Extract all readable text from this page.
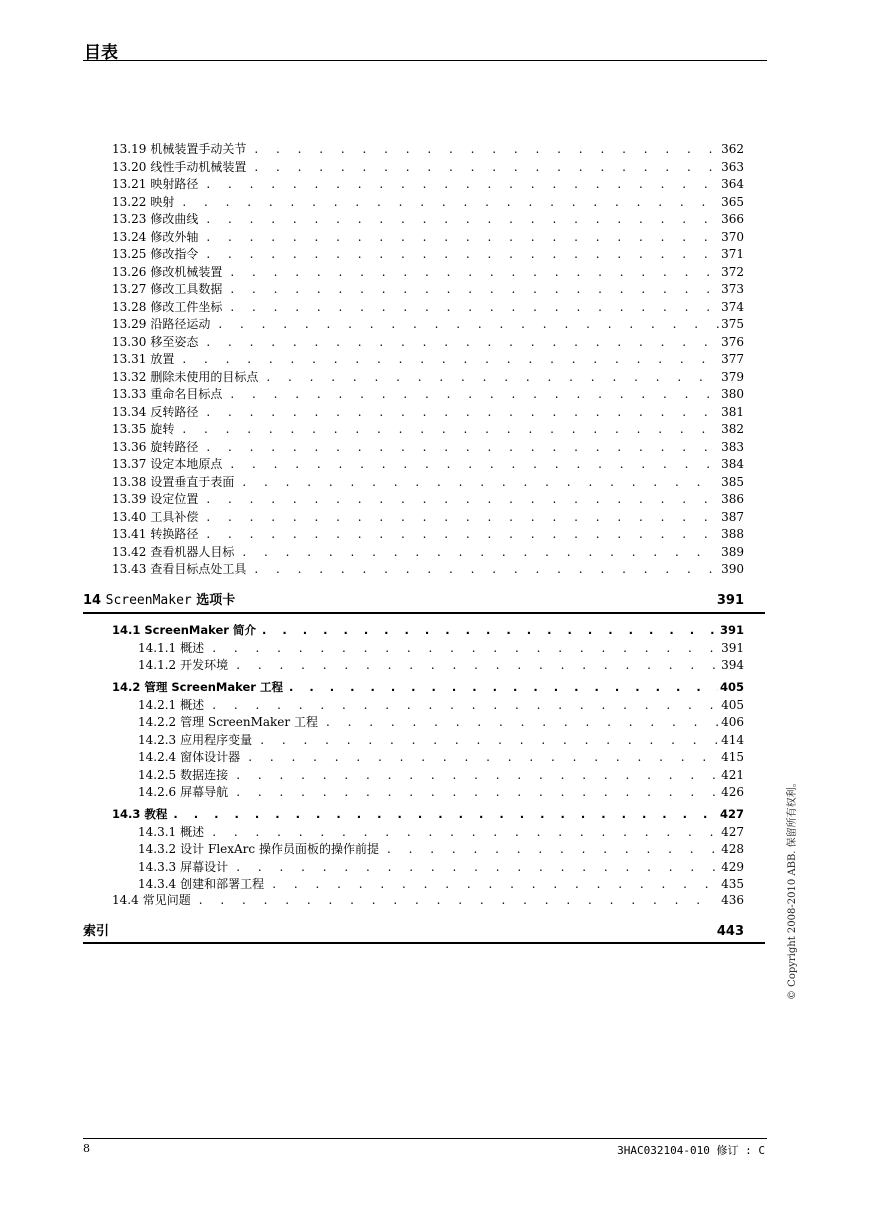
目表
13.19 机械装置手动关节 . . .	362
13.20 线性手动机械装置 . . .	363
13.21 映射路径 . . .	364
13.22 映射 . . .	365
13.23 修改曲线 . . .	366
13.24 修改外轴 . . .	370
13.25 修改指令 . . .	371
13.26 修改机械装置 . . .	372
13.27 修改工具数据 . . .	373
13.28 修改工件坐标 . . .	374
13.29 沿路径运动 . . .	375
13.30 移至姿态 . . .	376
13.31 放置 . . .	377
13.32 删除未使用的目标点 . . .	379
13.33 重命名目标点 . . .	380
13.34 反转路径 . . .	381
13.35 旋转 . . .	382
13.36 旋转路径 . . .	383
13.37 设定本地原点 . . .	384
13.38 设置垂直于表面 . . .	385
13.39 设定位置 . . .	386
13.40 工具补偿 . . .	387
13.41 转换路径 . . .	388
13.42 查看机器人目标 . . .	389
13.43 查看目标点处工具 . . .	390
14 ScreenMaker 选项卡	391
14.1 ScreenMaker 简介 . . .	391
14.1.1 概述 . . .	391
14.1.2 开发环境 . . .	394
14.2 管理 ScreenMaker 工程 . . .	405
14.2.1 概述 . . .	405
14.2.2 管理 ScreenMaker 工程 . . .	406
14.2.3 应用程序变量 . . .	414
14.2.4 窗体设计器 . . .	415
14.2.5 数据连接 . . .	421
14.2.6 屏幕导航 . . .	426
14.3 教程 . . .	427
14.3.1 概述 . . .	427
14.3.2 设计 FlexArc 操作员面板的操作前提 . . .	428
14.3.3 屏幕设计 . . .	429
14.3.4 创建和部署工程 . . .	435
14.4 常见问题 . . .	436
索引	443	© Copyright 2008-2010 ABB. 保留所有权利。
8	3HAC032104-010 修订 : C
